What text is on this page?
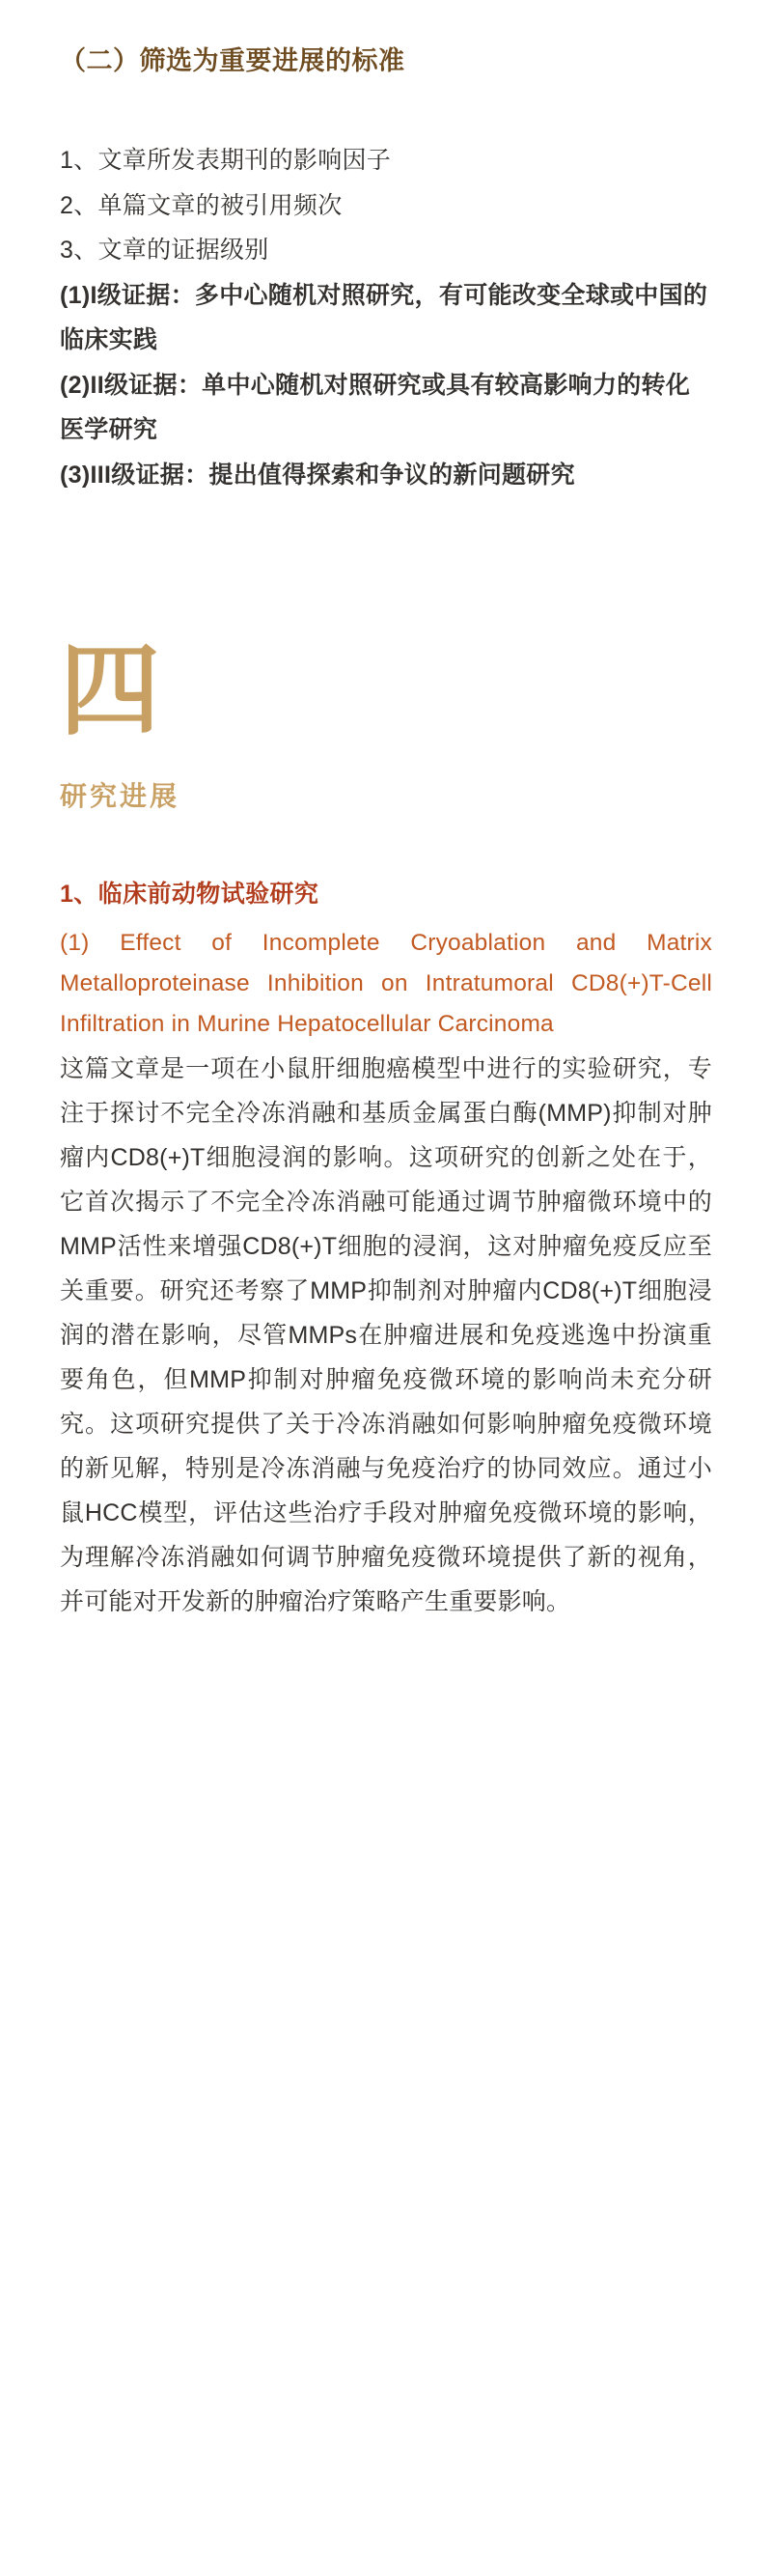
（二）筛选为重要进展的标准
1、文章所发表期刊的影响因子
2、单篇文章的被引用频次
3、文章的证据级别
(1)I级证据：多中心随机对照研究，有可能改变全球或中国的临床实践
(2)II级证据：单中心随机对照研究或具有较高影响力的转化医学研究
(3)III级证据：提出值得探索和争议的新问题研究
四
研究进展
1、临床前动物试验研究
(1) Effect of Incomplete Cryoablation and Matrix Metalloproteinase Inhibition on Intratumoral CD8(+)T-Cell Infiltration in Murine Hepatocellular Carcinoma
这篇文章是一项在小鼠肝细胞癌模型中进行的实验研究，专注于探讨不完全冷冻消融和基质金属蛋白酶(MMP)抑制对肿瘤内CD8(+)T细胞浸润的影响。这项研究的创新之处在于，它首次揭示了不完全冷冻消融可能通过调节肿瘤微环境中的MMP活性来增强CD8(+)T细胞的浸润，这对肿瘤免疫反应至关重要。研究还考察了MMP抑制剂对肿瘤内CD8(+)T细胞浸润的潜在影响，尽管MMPs在肿瘤进展和免疫逃逸中扮演重要角色，但MMP抑制对肿瘤免疫微环境的影响尚未充分研究。这项研究提供了关于冷冻消融如何影响肿瘤免疫微环境的新见解，特别是冷冻消融与免疫治疗的协同效应。通过小鼠HCC模型，评估这些治疗手段对肿瘤免疫微环境的影响，为理解冷冻消融如何调节肿瘤免疫微环境提供了新的视角，并可能对开发新的肿瘤治疗策略产生重要影响。
